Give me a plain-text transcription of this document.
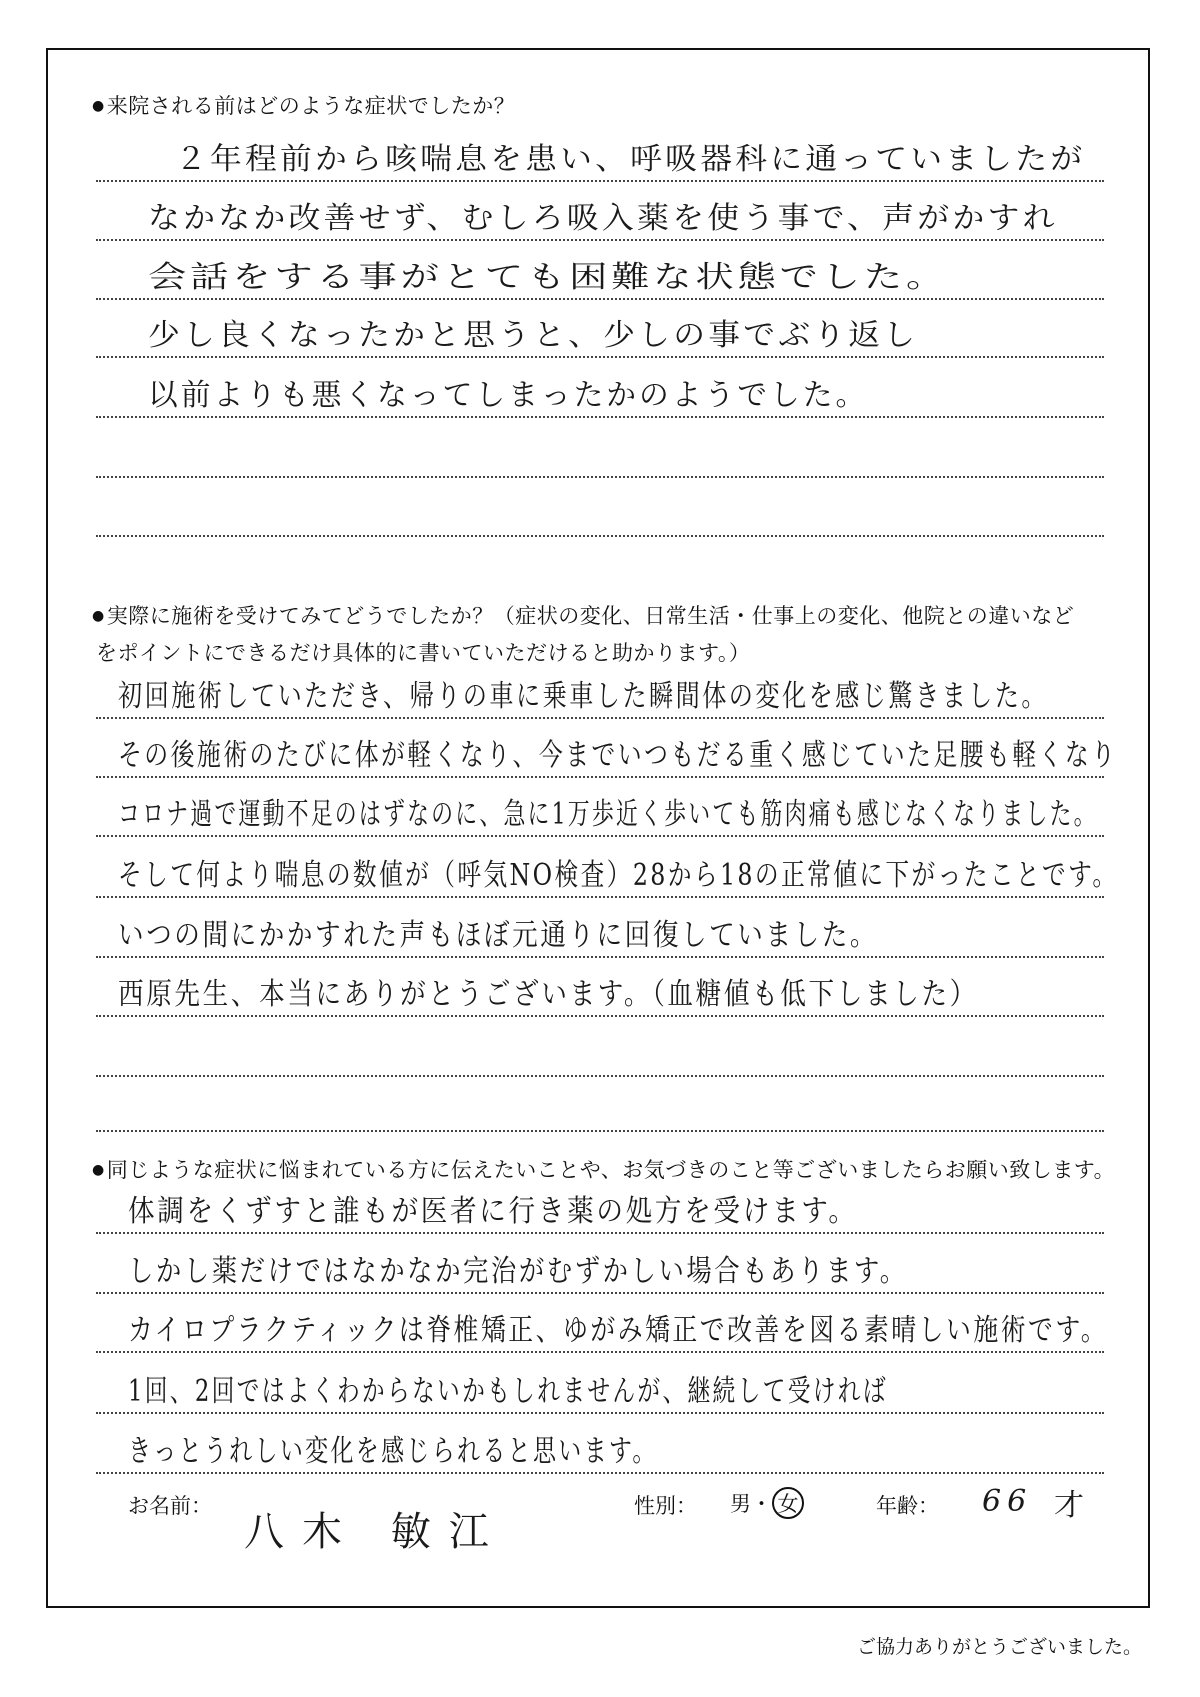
●来院される前はどのような症状でしたか？
２年程前から咳喘息を患い、呼吸器科に通っていましたが
なかなか改善せず、むしろ吸入薬を使う事で、声がかすれ
会話をする事がとても困難な状態でした。
少し良くなったかと思うと、少しの事でぶり返し
以前よりも悪くなってしまったかのようでした。
●実際に施術を受けてみてどうでしたか？（症状の変化、日常生活・仕事上の変化、他院との違いなど
をポイントにできるだけ具体的に書いていただけると助かります。）
初回施術していただき、帰りの車に乗車した瞬間体の変化を感じ驚きました。
その後施術のたびに体が軽くなり、今までいつもだる重く感じていた足腰も軽くなり
コロナ過で運動不足のはずなのに、急に1万歩近く歩いても筋肉痛も感じなくなりました。
そして何より喘息の数値が（呼気NO検査）28から18の正常値に下がったことです。
いつの間にかかすれた声もほぼ元通りに回復していました。
西原先生、本当にありがとうございます。（血糖値も低下しました）
●同じような症状に悩まれている方に伝えたいことや、お気づきのこと等ございましたらお願い致します。
体調をくずすと誰もが医者に行き薬の処方を受けます。
しかし薬だけではなかなか完治がむずかしい場合もあります。
カイロプラクティックは脊椎矯正、ゆがみ矯正で改善を図る素晴しい施術です。
1回、2回ではよくわからないかもしれませんが、継続して受ければ
きっとうれしい変化を感じられると思います。
お名前：
八木 敏江
性別： 男・ 女	年齢： 66 才
ご協力ありがとうございました。
